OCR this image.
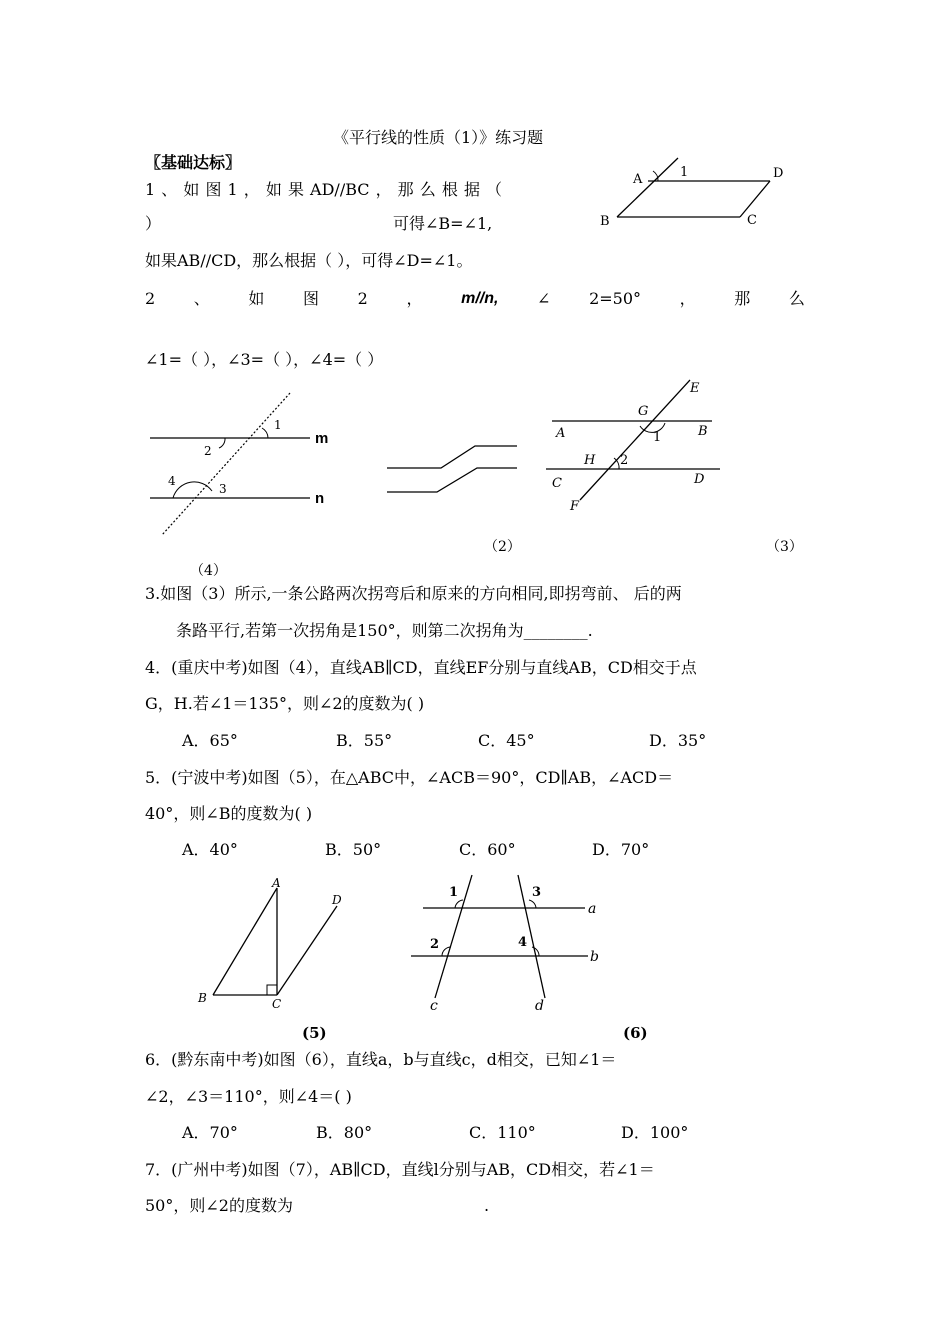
《平行线的性质（1）》练习题
〖基础达标〗
1 、 如 图 1 ， 如 果 AD//BC ， 那 么 根 据 （
）	可得∠B=∠1,
如果AB//CD，那么根据（ ），可得∠D=∠1。
A	1	D
B	C
2 、 如 图 2 ， m//n, ∠ 2=50° ， 那 么
∠1=（ ），∠3=（ ），∠4=（ ）
1
2
3
4
m
n
（4）
（2）
E
G
A	B
1
H 2
C	D
F
（3）
3.如图（3）所示,一条公路两次拐弯后和原来的方向相同,即拐弯前、 后的两
条路平行,若第一次拐角是150°，则第二次拐角为________.
4．(重庆中考)如图（4），直线AB∥CD，直线EF分别与直线AB，CD相交于点
G，H.若∠1＝135°，则∠2的度数为( )
A．65°	B．55°	C．45°	D．35°
5．(宁波中考)如图（5），在△ABC中，∠ACB＝90°，CD∥AB，∠ACD＝
40°，则∠B的度数为( )
A．40°	B．50°	C．60°	D．70°
A
D
B	C
(5)
1	3
2	4
a
b
c	d
(6)
6．(黔东南中考)如图（6），直线a，b与直线c，d相交，已知∠1＝
∠2，∠3＝110°，则∠4＝( )
A．70°	B．80°	C．110°	D．100°
7．(广州中考)如图（7），AB∥CD，直线l分别与AB，CD相交，若∠1＝
50°，则∠2的度数为	.
